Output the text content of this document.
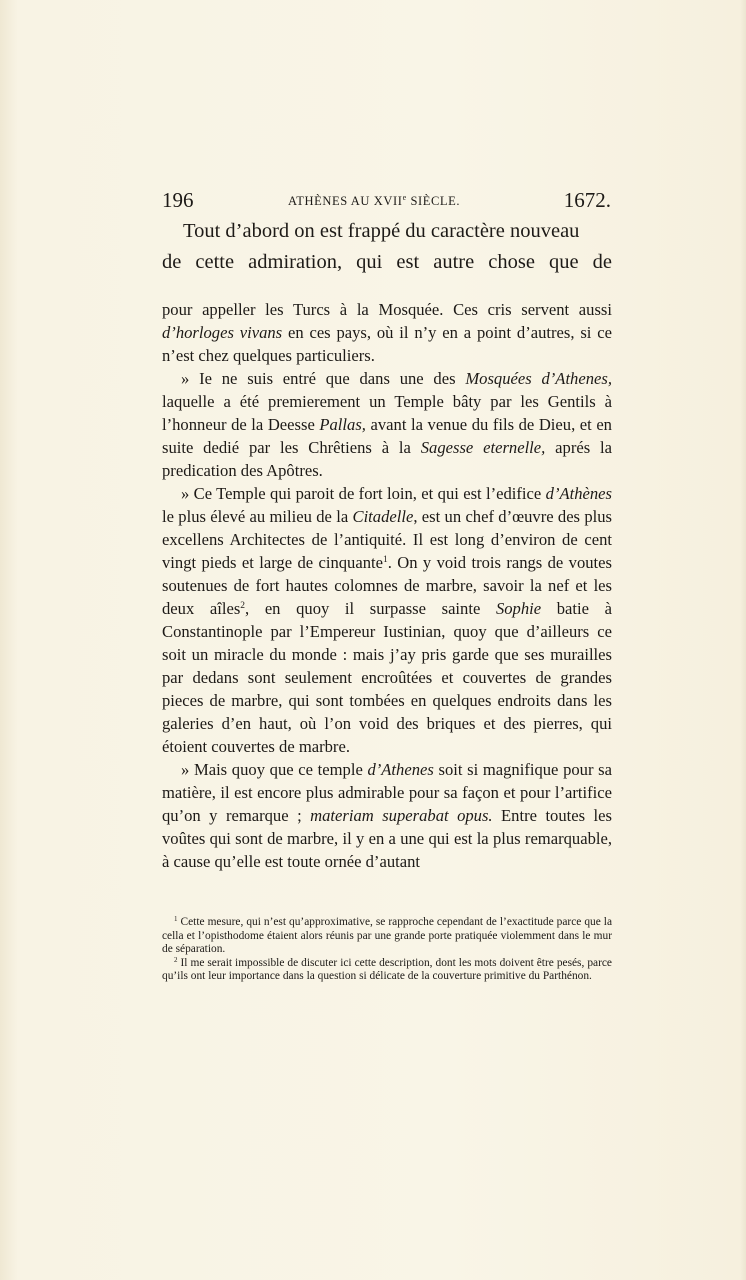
196	ATHÈNES AU XVIIe SIÈCLE.	1672.
Tout d’abord on est frappé du caractère nouveau
de cette admiration, qui est autre chose que de

pour appeller les Turcs à la Mosquée. Ces cris servent aussi d’horloges vivans en ces pays, où il n’y en a point d’autres, si ce n’est chez quelques particuliers.

» Ie ne suis entré que dans une des Mosquées d’Athenes, laquelle a été premierement un Temple bâty par les Gentils à l’honneur de la Deesse Pallas, avant la venue du fils de Dieu, et en suite dedié par les Chrêtiens à la Sagesse eternelle, aprés la predication des Apôtres.

» Ce Temple qui paroit de fort loin, et qui est l’edifice d’Athènes le plus élevé au milieu de la Citadelle, est un chef d’œuvre des plus excellens Architectes de l’antiquité. Il est long d’environ de cent vingt pieds et large de cinquante$^1$. On y void trois rangs de voutes soutenues de fort hautes colomnes de marbre, savoir la nef et les deux aîles$^2$, en quoy il surpasse sainte Sophie batie à Constantinople par l’Empereur Iustinian, quoy que d’ailleurs ce soit un miracle du monde : mais j’ay pris garde que ses murailles par dedans sont seulement encroûtées et couvertes de grandes pieces de marbre, qui sont tombées en quelques endroits dans les galeries d’en haut, où l’on void des briques et des pierres, qui étoient couvertes de marbre.

» Mais quoy que ce temple d’Athenes soit si magnifique pour sa matière, il est encore plus admirable pour sa façon et pour l’artifice qu’on y remarque ; materiam superabat opus. Entre toutes les voûtes qui sont de marbre, il y en a une qui est la plus remarquable, à cause qu’elle est toute ornée d’autant

$^1$ Cette mesure, qui n’est qu’approximative, se rapproche cependant de l’exactitude parce que la cella et l’opisthodome étaient alors réunis par une grande porte pratiquée violemment dans le mur de séparation.

$^2$ Il me serait impossible de discuter ici cette description, dont les mots doivent être pesés, parce qu’ils ont leur importance dans la question si délicate de la couverture primitive du Parthénon.
